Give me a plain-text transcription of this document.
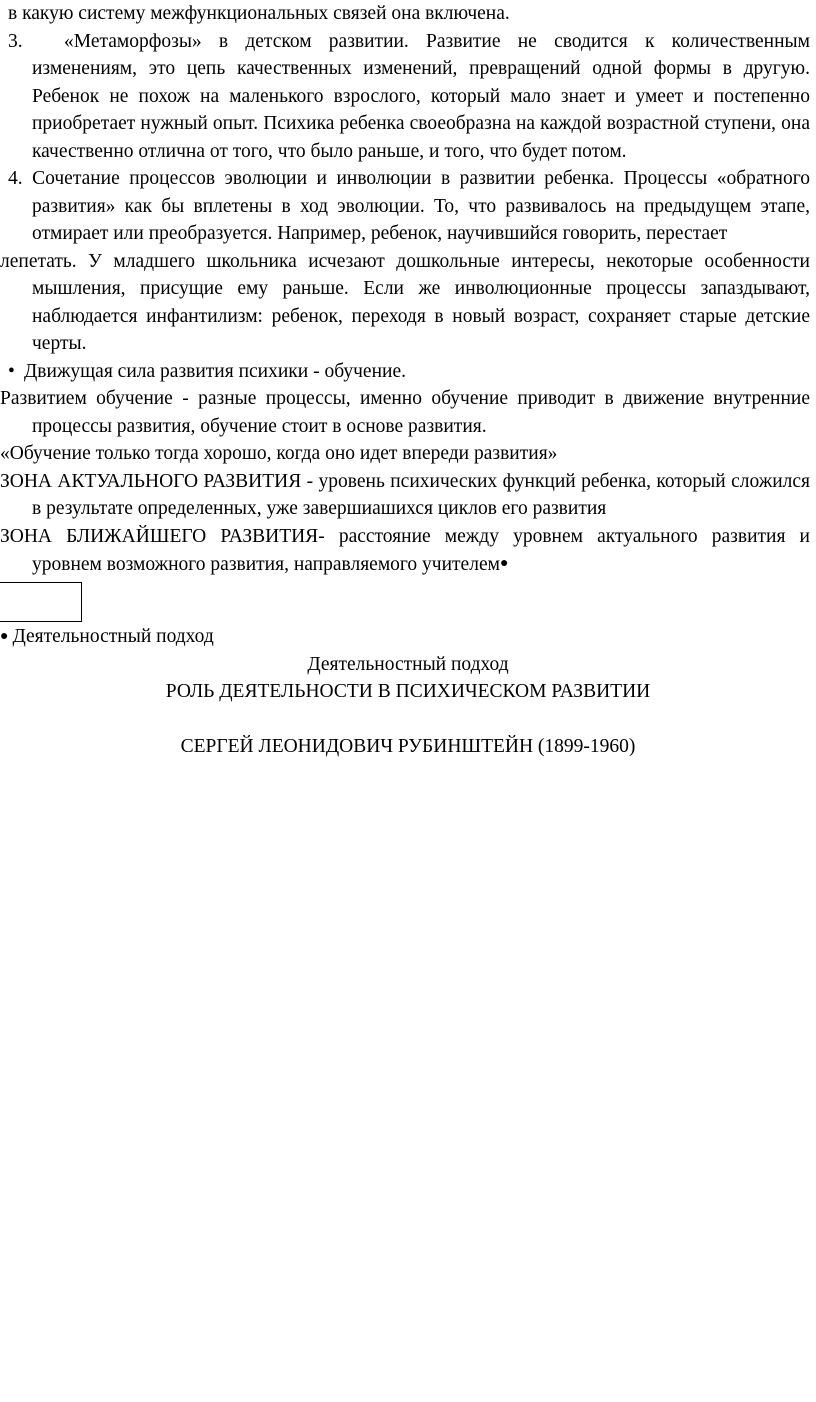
в какую систему межфункциональных связей она включена.

3. «Метаморфозы» в детском развитии. Развитие не сводится к количественным изменениям, это цепь качественных изменений, превращений одной формы в другую. Ребенок не похож на маленького взрослого, который мало знает и умеет и постепенно приобретает нужный опыт. Психика ребенка своеобразна на каждой возрастной ступени, она качественно отлична от того, что было раньше, и того, что будет потом.

4. Сочетание процессов эволюции и инволюции в развитии ребенка. Процессы «обратного развития» как бы вплетены в ход эволюции. То, что развивалось на предыдущем этапе, отмирает или преобразуется. Например, ребенок, научившийся говорить, перестает

лепетать. У младшего школьника исчезают дошкольные интересы, некоторые особенности мышления, присущие ему раньше. Если же инволюционные процессы запаздывают, наблюдается инфантилизм: ребенок, переходя в новый возраст, сохраняет старые детские черты.

• Движущая сила развития психики - обучение.

Развитием обучение - разные процессы, именно обучение приводит в движение внутренние процессы развития, обучение стоит в основе развития.

«Обучение только тогда хорошо, когда оно идет впереди развития»

ЗОНА АКТУАЛЬНОГО РАЗВИТИЯ - уровень психических функций ребенка, который сложился в результате определенных, уже завершиашихся циклов его развития

ЗОНА БЛИЖАЙШЕГО РАЗВИТИЯ- расстояние между уровнем актуального развития и уровнем возможного развития, направляемого учителем●

● Деятельностный подход

Деятельностный подход

РОЛЬ ДЕЯТЕЛЬНОСТИ В ПСИХИЧЕСКОМ РАЗВИТИИ

СЕРГЕЙ ЛЕОНИДОВИЧ РУБИНШТЕЙН (1899-1960)
